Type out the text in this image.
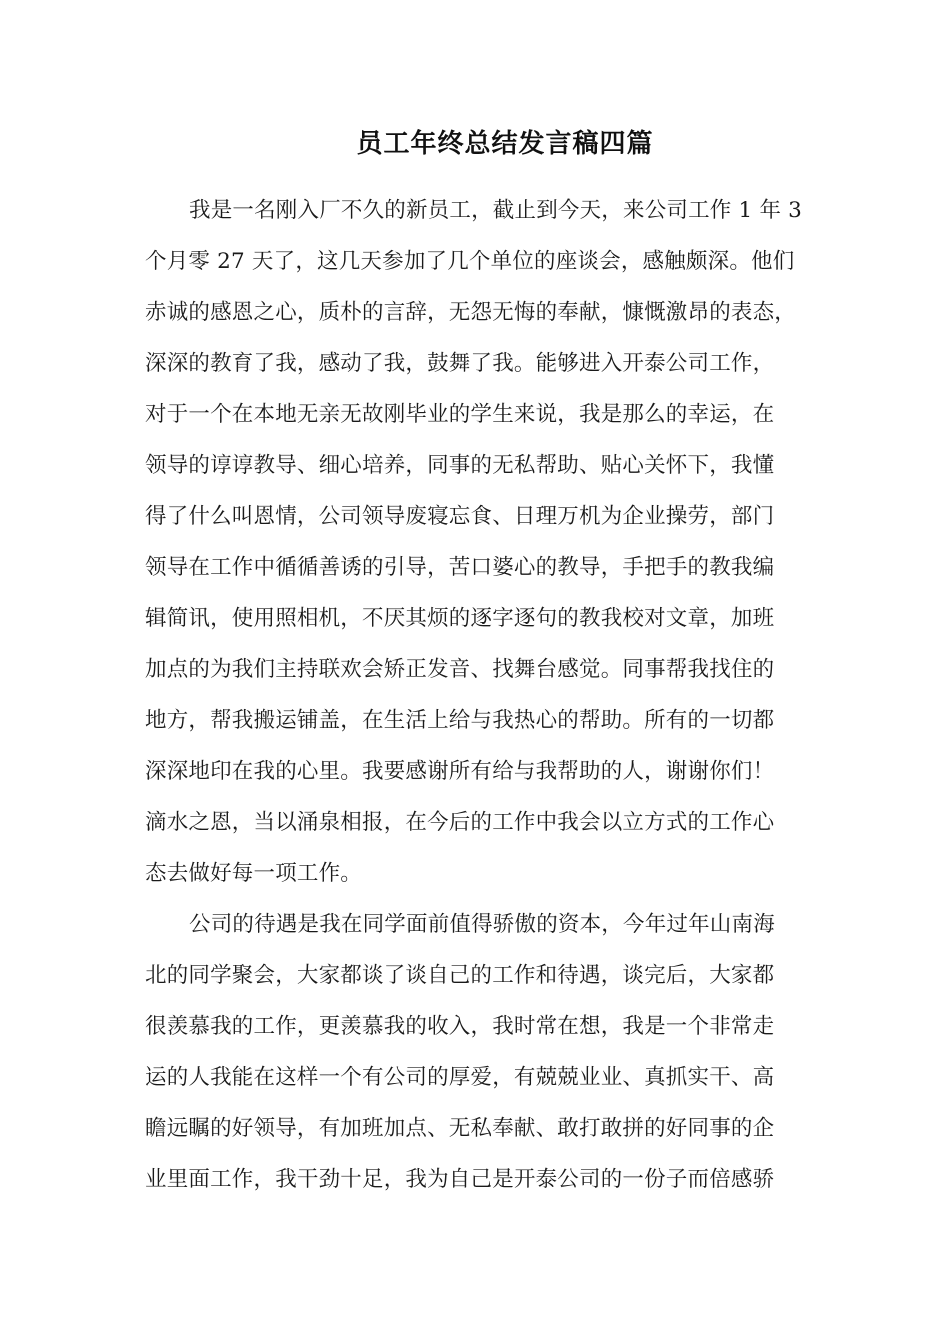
员工年终总结发言稿四篇
我是一名刚入厂不久的新员工，截止到今天，来公司工作 1 年 3
个月零 27 天了，这几天参加了几个单位的座谈会，感触颇深。他们
赤诚的感恩之心，质朴的言辞，无怨无悔的奉献，慷慨激昂的表态，
深深的教育了我，感动了我，鼓舞了我。能够进入开泰公司工作，
对于一个在本地无亲无故刚毕业的学生来说，我是那么的幸运，在
领导的谆谆教导、细心培养，同事的无私帮助、贴心关怀下，我懂
得了什么叫恩情，公司领导废寝忘食、日理万机为企业操劳，部门
领导在工作中循循善诱的引导，苦口婆心的教导，手把手的教我编
辑简讯，使用照相机，不厌其烦的逐字逐句的教我校对文章，加班
加点的为我们主持联欢会矫正发音、找舞台感觉。同事帮我找住的
地方，帮我搬运铺盖，在生活上给与我热心的帮助。所有的一切都
深深地印在我的心里。我要感谢所有给与我帮助的人，谢谢你们！
滴水之恩，当以涌泉相报，在今后的工作中我会以立方式的工作心
态去做好每一项工作。
公司的待遇是我在同学面前值得骄傲的资本，今年过年山南海
北的同学聚会，大家都谈了谈自己的工作和待遇，谈完后，大家都
很羡慕我的工作，更羡慕我的收入，我时常在想，我是一个非常走
运的人我能在这样一个有公司的厚爱，有兢兢业业、真抓实干、高
瞻远瞩的好领导，有加班加点、无私奉献、敢打敢拼的好同事的企
业里面工作，我干劲十足，我为自己是开泰公司的一份子而倍感骄
